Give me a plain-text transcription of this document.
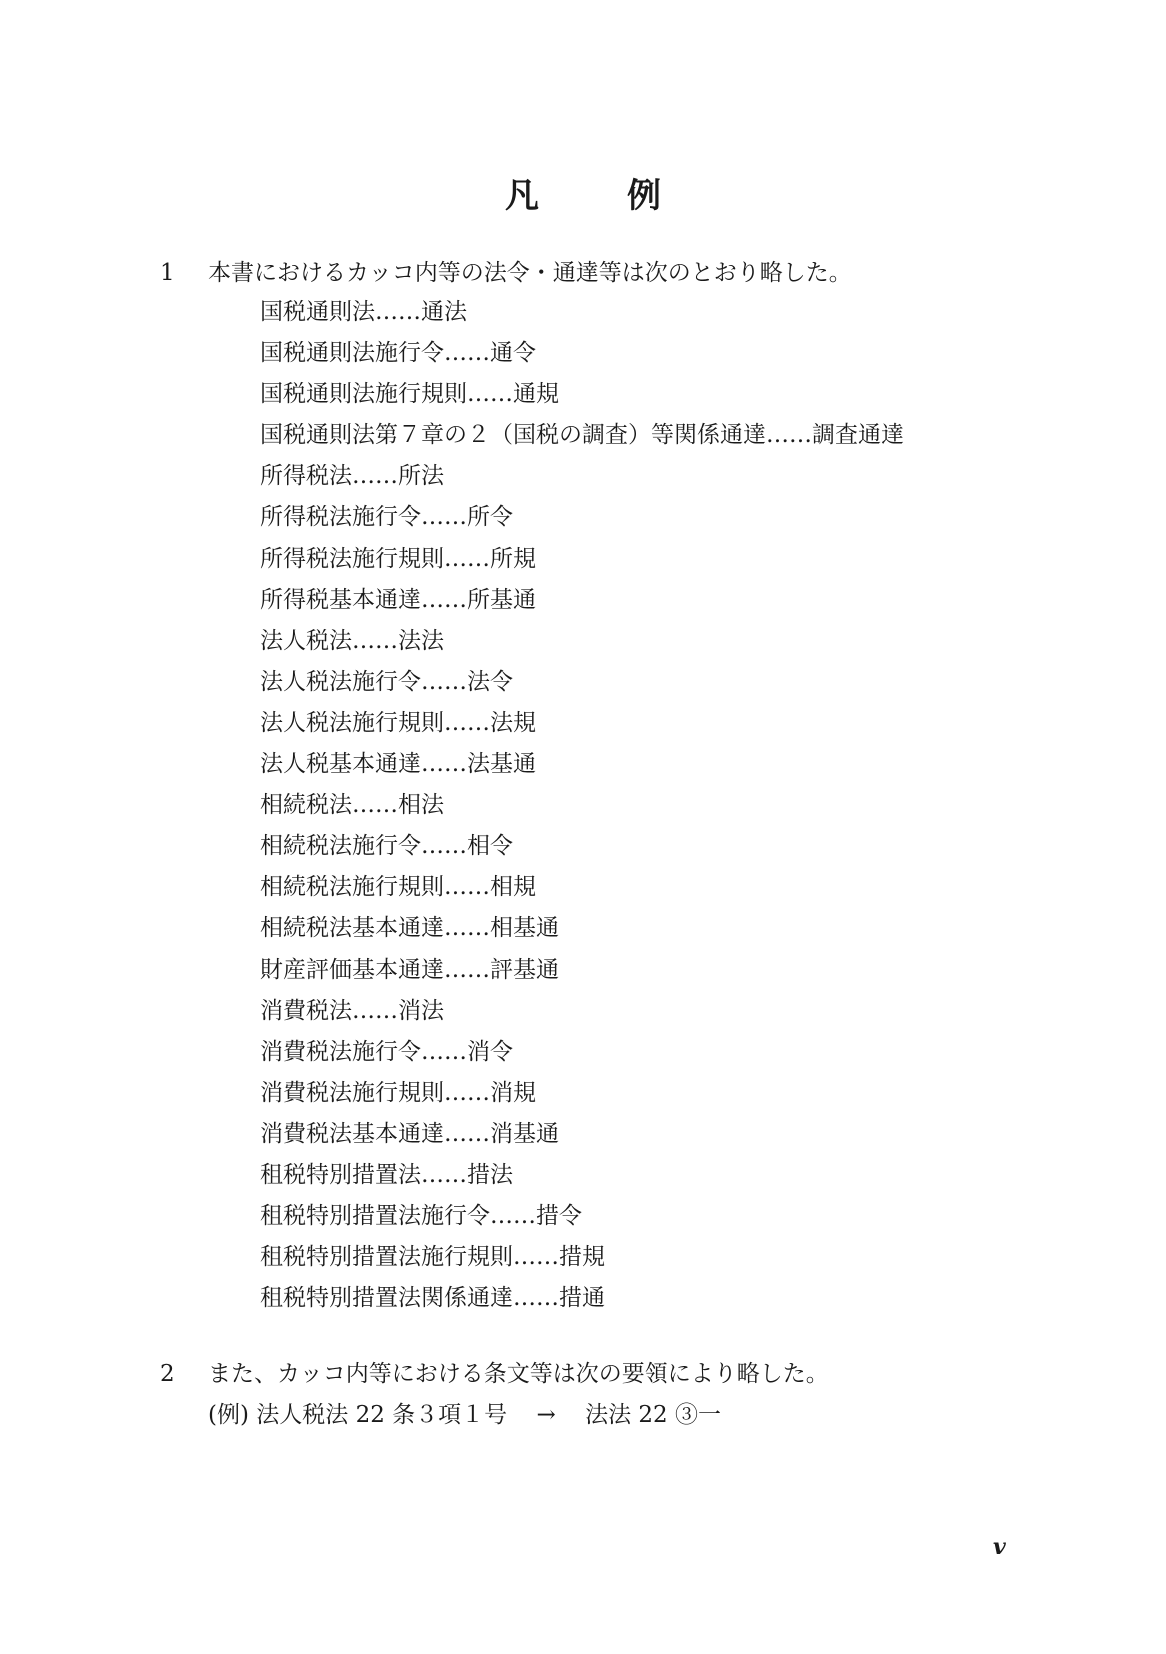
凡	例
1 本書におけるカッコ内等の法令・通達等は次のとおり略した。
国税通則法……通法
国税通則法施行令……通令
国税通則法施行規則……通規
国税通則法第７章の２（国税の調査）等関係通達……調査通達
所得税法……所法
所得税法施行令……所令
所得税法施行規則……所規
所得税基本通達……所基通
法人税法……法法
法人税法施行令……法令
法人税法施行規則……法規
法人税基本通達……法基通
相続税法……相法
相続税法施行令……相令
相続税法施行規則……相規
相続税法基本通達……相基通
財産評価基本通達……評基通
消費税法……消法
消費税法施行令……消令
消費税法施行規則……消規
消費税法基本通達……消基通
租税特別措置法……措法
租税特別措置法施行令……措令
租税特別措置法施行規則……措規
租税特別措置法関係通達……措通
2 また、カッコ内等における条文等は次の要領により略した。
(例) 法人税法 22 条３項１号 → 法法 22 ③一
v
